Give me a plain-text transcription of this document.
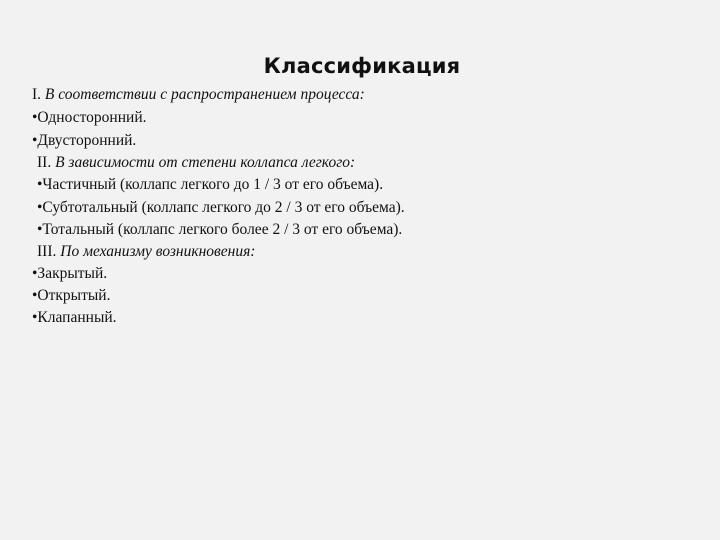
Классификация
I. В соответствии с распространением процесса:
•Односторонний.
•Двусторонний.
II. В зависимости от степени коллапса легкого:
•Частичный (коллапс легкого до 1 / 3 от его объема).
•Субтотальный (коллапс легкого до 2 / 3 от его объема).
•Тотальный (коллапс легкого более 2 / 3 от его объема).
III. По механизму возникновения:
•Закрытый.
•Открытый.
•Клапанный.
